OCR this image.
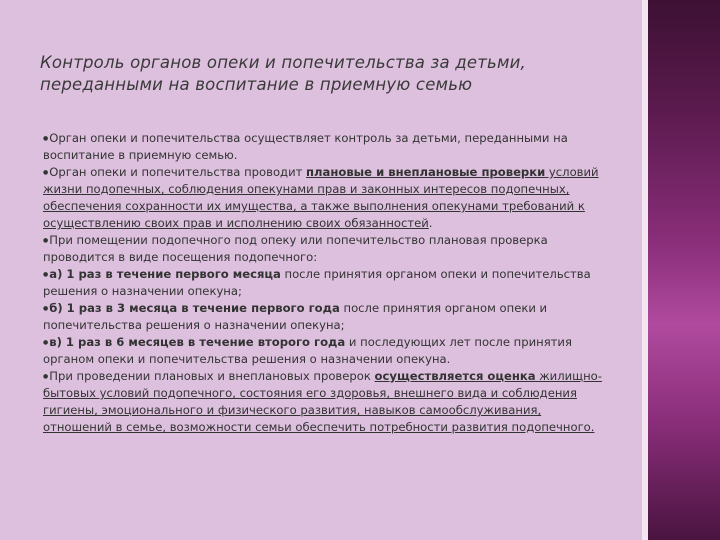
Контроль органов опеки и попечительства за детьми, переданными на воспитание в приемную семью

●Орган опеки и попечительства осуществляет контроль за детьми, переданными на воспитание в приемную семью.

●Орган опеки и попечительства проводит плановые и внеплановые проверки условий жизни подопечных, соблюдения опекунами прав и законных интересов подопечных, обеспечения сохранности их имущества, а также выполнения опекунами требований к осуществлению своих прав и исполнению своих обязанностей.

●При помещении подопечного под опеку или попечительство плановая проверка проводится в виде посещения подопечного:

●а) 1 раз в течение первого месяца после принятия органом опеки и попечительства решения о назначении опекуна;

●б) 1 раз в 3 месяца в течение первого года после принятия органом опеки и попечительства решения о назначении опекуна;

●в) 1 раз в 6 месяцев в течение второго года и последующих лет после принятия органом опеки и попечительства решения о назначении опекуна.

●При проведении плановых и внеплановых проверок осуществляется оценка жилищно-бытовых условий подопечного, состояния его здоровья, внешнего вида и соблюдения гигиены, эмоционального и физического развития, навыков самообслуживания, отношений в семье, возможности семьи обеспечить потребности развития подопечного.
